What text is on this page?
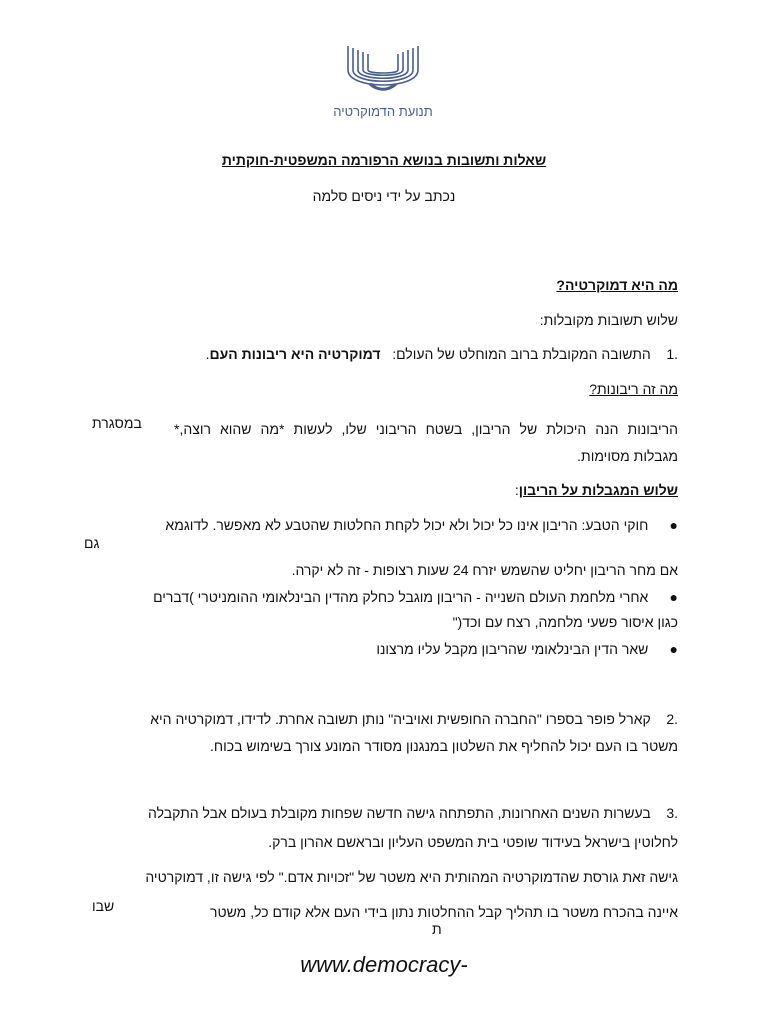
תנועת הדמוקרטיה
שאלות ותשובות בנושא הרפורמה המשפטית-חוקתית
נכתב על ידי ניסים סלמה
מה היא דמוקרטיה?
שלוש תשובות מקובלות:
.1    התשובה המקובלת ברוב המוחלט של העולם:   דמוקרטיה היא ריבונות העם.
מה זה ריבונות?
הריבונות הנה היכולת של הריבון, בשטח הריבוני שלו, לעשות *מה שהוא רוצה,*
במסגרת
מגבלות מסוימות.
שלוש המגבלות על הריבון:
●   חוקי הטבע: הריבון אינו כל יכול ולא יכול לקחת החלטות שהטבע לא מאפשר. לדוגמא
גם
אם מחר הריבון יחליט שהשמש יזרח 24 שעות רצופות - זה לא יקרה.
●   אחרי מלחמת העולם השנייה - הריבון מוגבל כחלק מהדין הבינלאומי ההומניטרי )דברים
כגון איסור פשעי מלחמה, רצח עם וכד("
●   שאר הדין הבינלאומי שהריבון מקבל עליו מרצונו
.2    קארל פופר בספרו "החברה החופשית ואויביה" נותן תשובה אחרת. לדידו, דמוקרטיה היא
משטר בו העם יכול להחליף את השלטון במנגנון מסודר המונע צורך בשימוש בכוח.
.3    בעשרות השנים האחרונות, התפתחה גישה חדשה שפחות מקובלת בעולם אבל התקבלה
לחלוטין בישראל בעידוד שופטי בית המשפט העליון ובראשם אהרון ברק.
גישה זאת גורסת שהדמוקרטיה המהותית היא משטר של "זכויות אדם." לפי גישה זו, דמוקרטיה
איינה בהכרח משטר בו תהליך קבל ההחלטות נתון בידי העם אלא קודם כל, משטר
שבו
ת
www.democracy-
